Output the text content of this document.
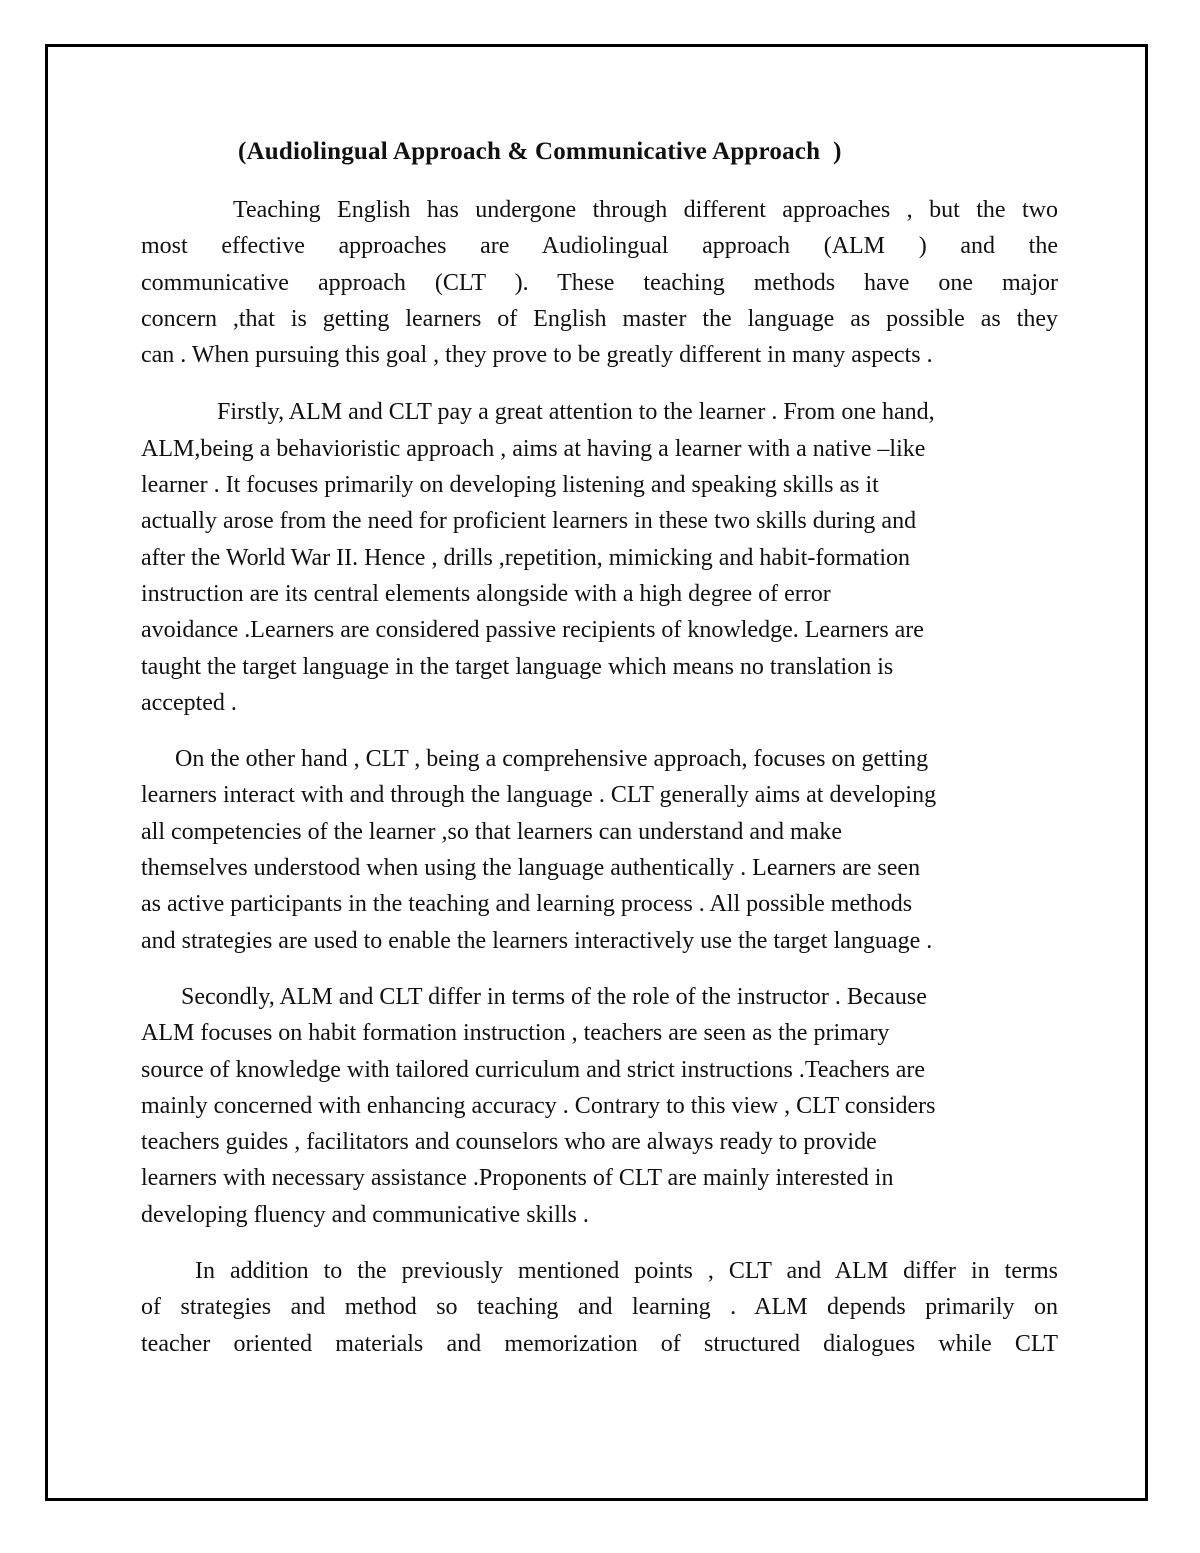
(Audiolingual Approach & Communicative Approach  )
Teaching English has undergone through different approaches , but the two
most effective approaches are Audiolingual approach (ALM ) and the
communicative approach (CLT ). These teaching methods have one major
concern ,that is getting learners of English master the language as possible as they
can . When pursuing this goal , they prove to be greatly different in many aspects .
Firstly, ALM and CLT pay a great attention to the learner . From one hand,
ALM,being a behavioristic approach , aims at having a learner with a native –like
learner . It focuses primarily on developing listening and speaking skills as it
actually arose from the need for proficient learners in these two skills during and
after the World War II. Hence , drills ,repetition, mimicking and habit-formation
instruction are its central elements alongside with a high degree of error
avoidance .Learners are considered passive recipients of knowledge. Learners are
taught the target language in the target language which means no translation is
accepted .
On the other hand , CLT , being a comprehensive approach, focuses on getting
learners interact with and through the language . CLT generally aims at developing
all competencies of the learner ,so that learners can understand and make
themselves understood when using the language authentically . Learners are seen
as active participants in the teaching and learning process . All possible methods
and strategies are used to enable the learners interactively use the target language .
Secondly, ALM and CLT differ in terms of the role of the instructor . Because
ALM focuses on habit formation instruction , teachers are seen as the primary
source of knowledge with tailored curriculum and strict instructions .Teachers are
mainly concerned with enhancing accuracy . Contrary to this view , CLT considers
teachers guides , facilitators and counselors who are always ready to provide
learners with necessary assistance .Proponents of CLT are mainly interested in
developing fluency and communicative skills .
In addition to the previously mentioned points , CLT and ALM differ in terms
of strategies and method so teaching and learning . ALM depends primarily on
teacher oriented materials and memorization of structured dialogues while CLT
